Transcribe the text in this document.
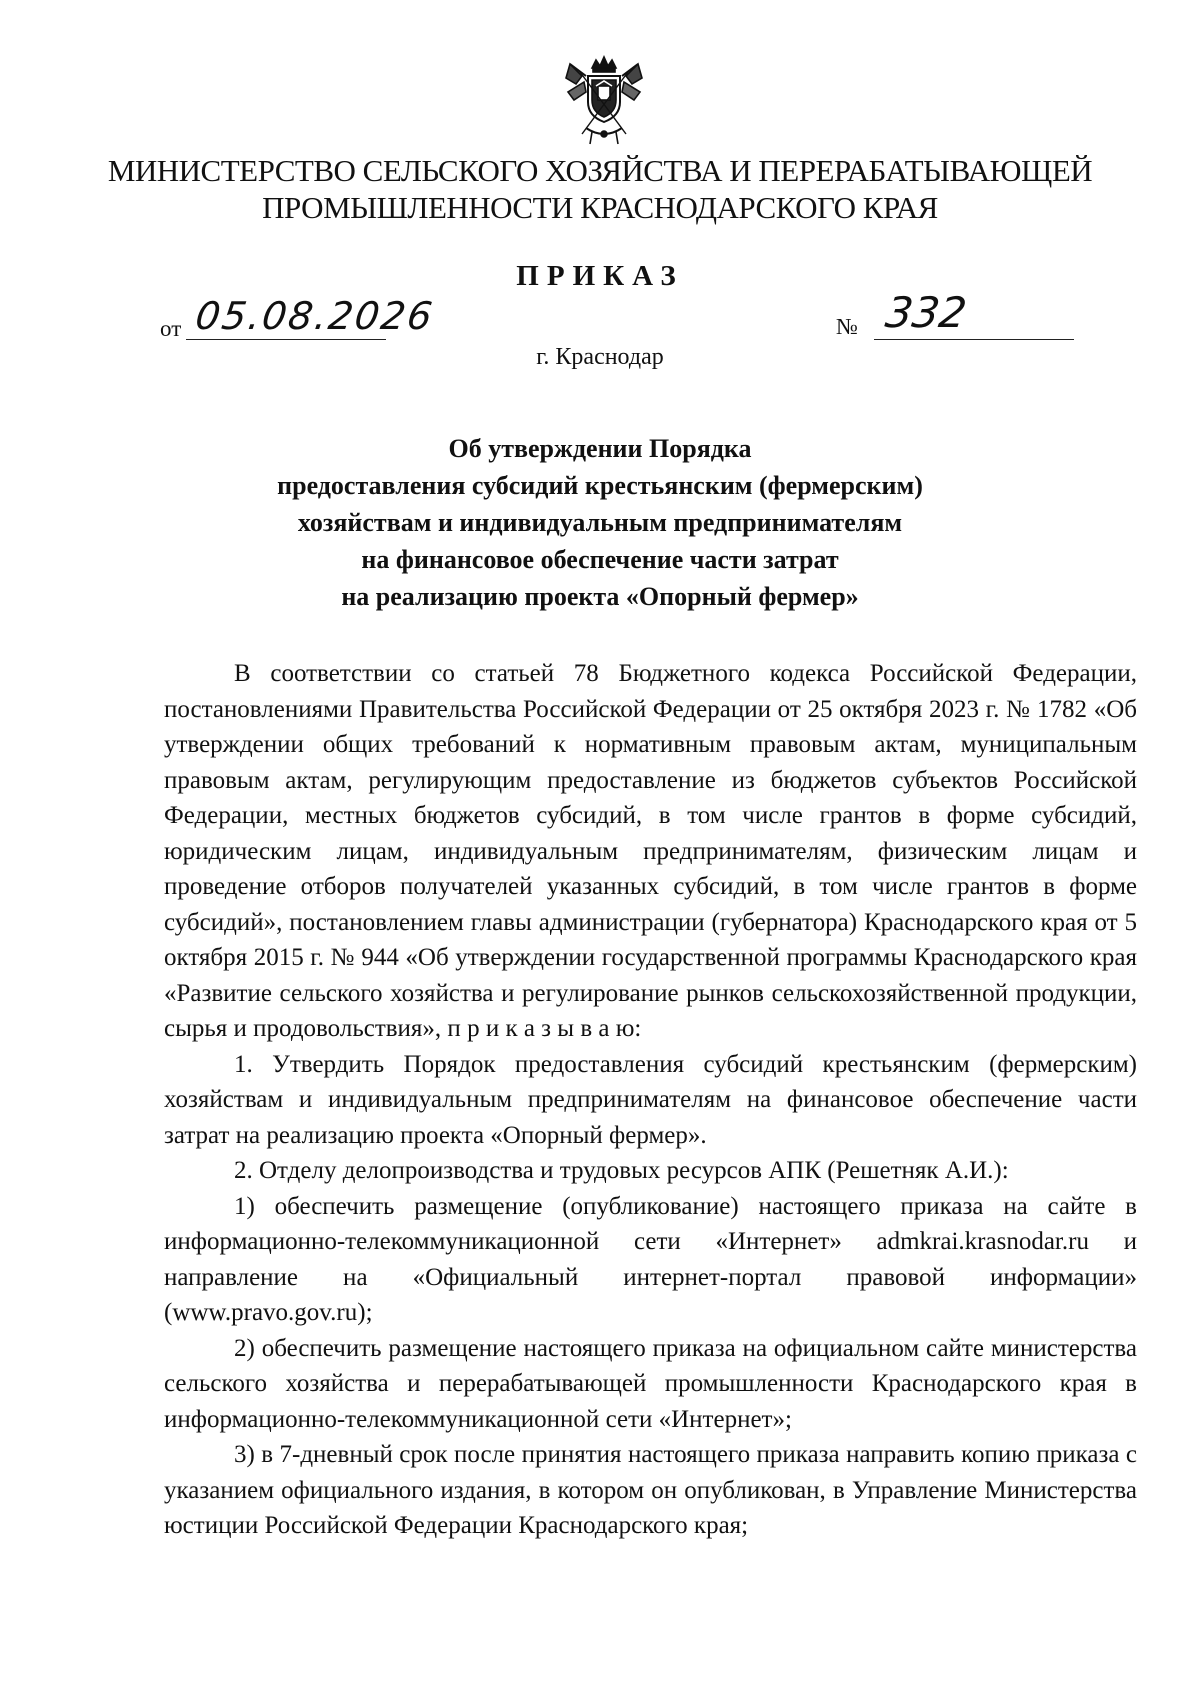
МИНИСТЕРСТВО СЕЛЬСКОГО ХОЗЯЙСТВА И ПЕРЕРАБАТЫВАЮЩЕЙ
ПРОМЫШЛЕННОСТИ КРАСНОДАРСКОГО КРАЯ
ПРИКАЗ
от 05.08.2026	№ 332
г. Краснодар
Об утверждении Порядка
предоставления субсидий крестьянским (фермерским)
хозяйствам и индивидуальным предпринимателям
на финансовое обеспечение части затрат
на реализацию проекта «Опорный фермер»

В соответствии со статьей 78 Бюджетного кодекса Российской Федерации, постановлениями Правительства Российской Федерации от 25 октября 2023 г. № 1782 «Об утверждении общих требований к нормативным правовым актам, муниципальным правовым актам, регулирующим предоставление из бюджетов субъектов Российской Федерации, местных бюджетов субсидий, в том числе грантов в форме субсидий, юридическим лицам, индивидуальным предпринимателям, физическим лицам и проведение отборов получателей указанных субсидий, в том числе грантов в форме субсидий», постановлением главы администрации (губернатора) Краснодарского края от 5 октября 2015 г. № 944 «Об утверждении государственной программы Краснодарского края «Развитие сельского хозяйства и регулирование рынков сельскохозяйственной продукции, сырья и продовольствия», п р и к а з ы в а ю:

1. Утвердить Порядок предоставления субсидий крестьянским (фермерским) хозяйствам и индивидуальным предпринимателям на финансовое обеспечение части затрат на реализацию проекта «Опорный фермер».

2. Отделу делопроизводства и трудовых ресурсов АПК (Решетняк А.И.):

1) обеспечить размещение (опубликование) настоящего приказа на сайте в информационно-телекоммуникационной сети «Интернет» admkrai.krasnodar.ru и направление на «Официальный интернет-портал правовой информации» (www.pravo.gov.ru);

2) обеспечить размещение настоящего приказа на официальном сайте министерства сельского хозяйства и перерабатывающей промышленности Краснодарского края в информационно-телекоммуникационной сети «Интернет»;

3) в 7-дневный срок после принятия настоящего приказа направить копию приказа с указанием официального издания, в котором он опубликован, в Управление Министерства юстиции Российской Федерации Краснодарского края;
